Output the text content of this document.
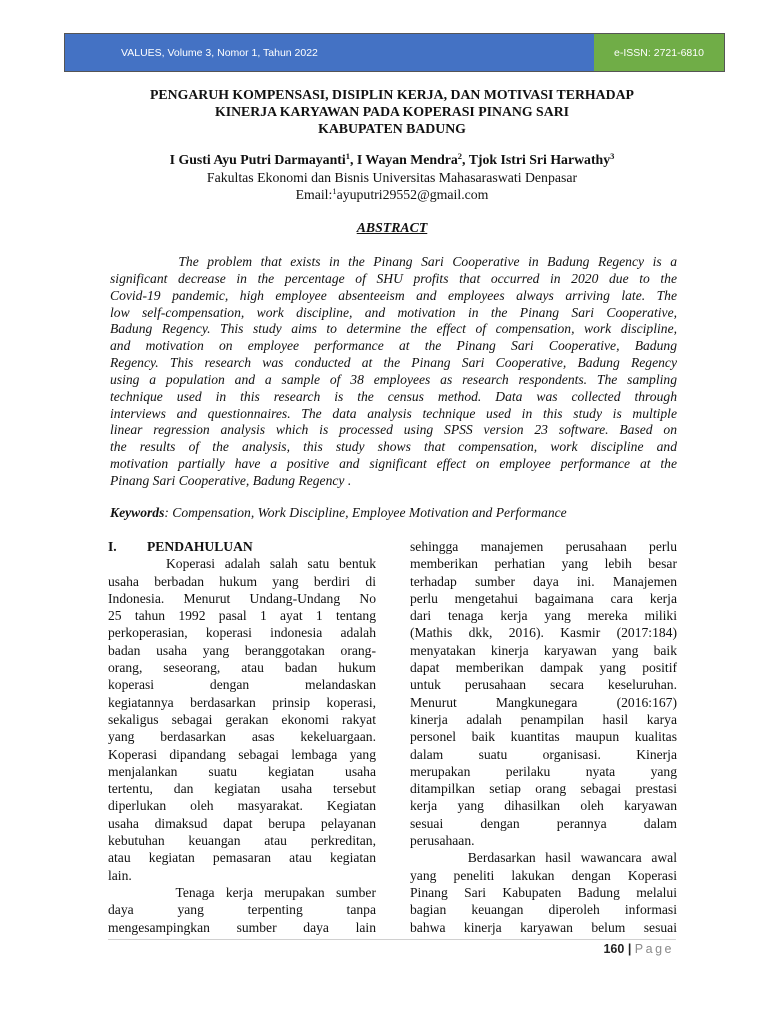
VALUES, Volume 3, Nomor 1, Tahun 2022	e-ISSN: 2721-6810
PENGARUH KOMPENSASI, DISIPLIN KERJA, DAN MOTIVASI TERHADAP
KINERJA KARYAWAN PADA KOPERASI PINANG SARI
KABUPATEN BADUNG
I Gusti Ayu Putri Darmayanti$^1$, I Wayan Mendra$^2$, Tjok Istri Sri Harwathy$^3$
Fakultas Ekonomi dan Bisnis Universitas Mahasaraswati Denpasar
Email:$^1$ayuputri29552@gmail.com
ABSTRACT
The problem that exists in the Pinang Sari Cooperative in Badung Regency is a
significant decrease in the percentage of SHU profits that occurred in 2020 due to the
Covid-19 pandemic, high employee absenteeism and employees always arriving late. The
low self-compensation, work discipline, and motivation in the Pinang Sari Cooperative,
Badung Regency. This study aims to determine the effect of compensation, work discipline,
and motivation on employee performance at the Pinang Sari Cooperative, Badung
Regency. This research was conducted at the Pinang Sari Cooperative, Badung Regency
using a population and a sample of 38 employees as research respondents. The sampling
technique used in this research is the census method. Data was collected through
interviews and questionnaires. The data analysis technique used in this study is multiple
linear regression analysis which is processed using SPSS version 23 software. Based on
the results of the analysis, this study shows that compensation, work discipline and
motivation partially have a positive and significant effect on employee performance at the
Pinang Sari Cooperative, Badung Regency .
Keywords: Compensation, Work Discipline, Employee Motivation and Performance
I. PENDAHULUAN
Koperasi adalah salah satu bentuk
usaha berbadan hukum yang berdiri di
Indonesia. Menurut Undang-Undang No
25 tahun 1992 pasal 1 ayat 1 tentang
perkoperasian, koperasi indonesia adalah
badan usaha yang beranggotakan orang-
orang, seseorang, atau badan hukum
koperasi dengan melandaskan
kegiatannya berdasarkan prinsip koperasi,
sekaligus sebagai gerakan ekonomi rakyat
yang berdasarkan asas kekeluargaan.
Koperasi dipandang sebagai lembaga yang
menjalankan suatu kegiatan usaha
tertentu, dan kegiatan usaha tersebut
diperlukan oleh masyarakat. Kegiatan
usaha dimaksud dapat berupa pelayanan
kebutuhan keuangan atau perkreditan,
atau kegiatan pemasaran atau kegiatan
lain.
Tenaga kerja merupakan sumber
daya yang terpenting tanpa
mengesampingkan sumber daya lain
sehingga manajemen perusahaan perlu
memberikan perhatian yang lebih besar
terhadap sumber daya ini. Manajemen
perlu mengetahui bagaimana cara kerja
dari tenaga kerja yang mereka miliki
(Mathis dkk, 2016). Kasmir (2017:184)
menyatakan kinerja karyawan yang baik
dapat memberikan dampak yang positif
untuk perusahaan secara keseluruhan.
Menurut Mangkunegara (2016:167)
kinerja adalah penampilan hasil karya
personel baik kuantitas maupun kualitas
dalam suatu organisasi. Kinerja
merupakan perilaku nyata yang
ditampilkan setiap orang sebagai prestasi
kerja yang dihasilkan oleh karyawan
sesuai dengan perannya dalam
perusahaan.
Berdasarkan hasil wawancara awal
yang peneliti lakukan dengan Koperasi
Pinang Sari Kabupaten Badung melalui
bagian keuangan diperoleh informasi
bahwa kinerja karyawan belum sesuai
160 | Page
